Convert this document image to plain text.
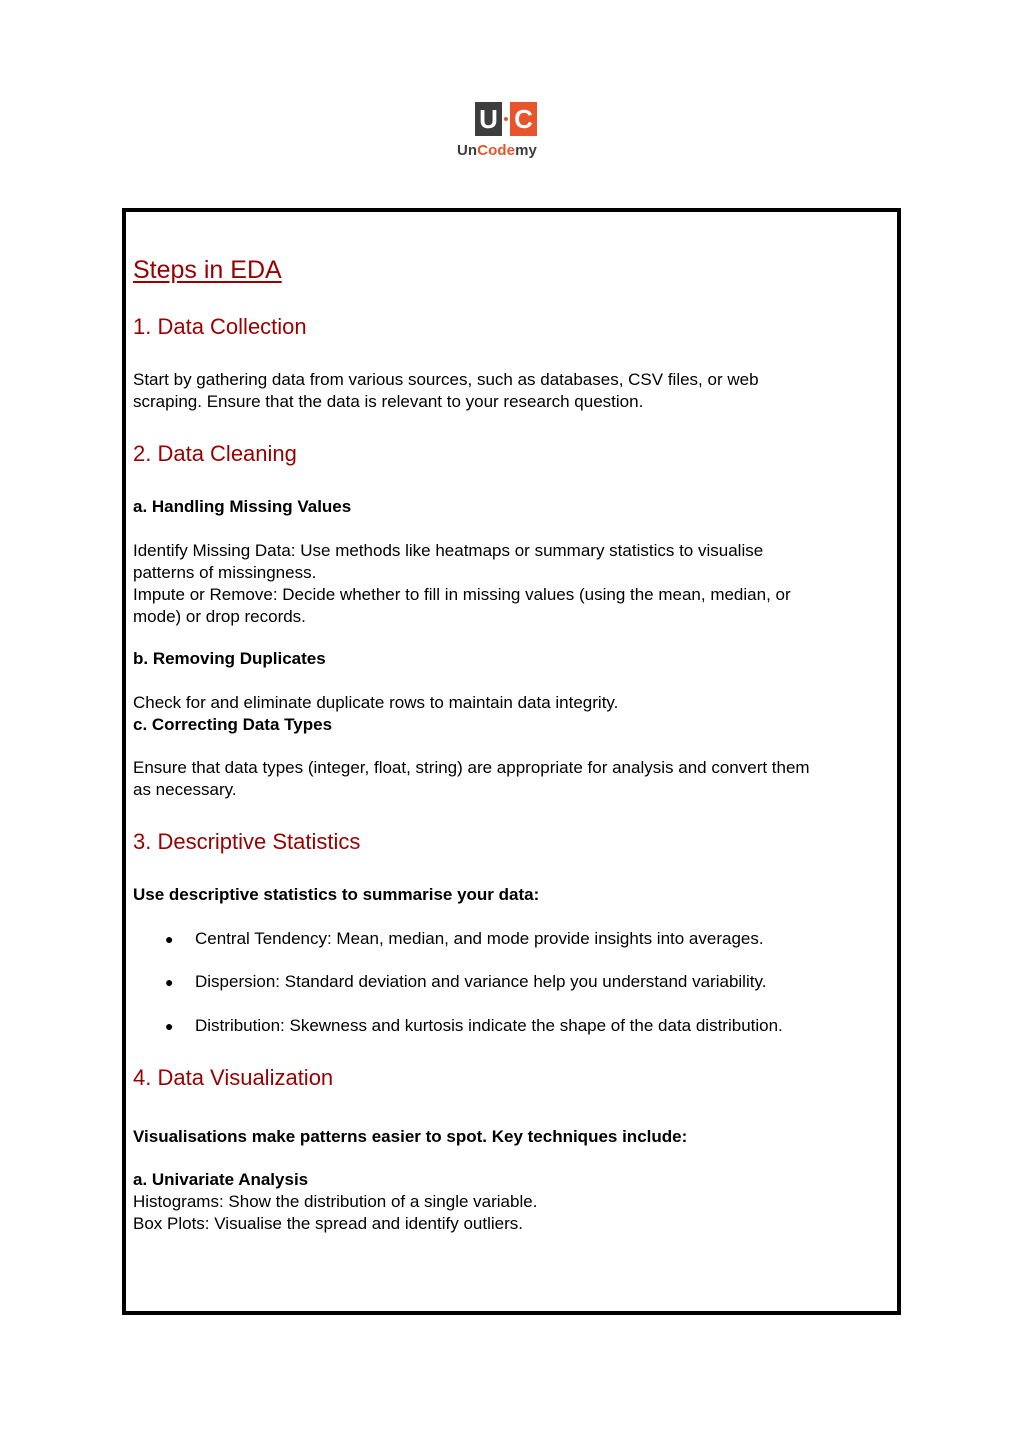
U C
UnCodemy
Steps in EDA
1. Data Collection
Start by gathering data from various sources, such as databases, CSV files, or web
scraping. Ensure that the data is relevant to your research question.
2. Data Cleaning
a. Handling Missing Values
Identify Missing Data: Use methods like heatmaps or summary statistics to visualise
patterns of missingness.
Impute or Remove: Decide whether to fill in missing values (using the mean, median, or
mode) or drop records.
b. Removing Duplicates
Check for and eliminate duplicate rows to maintain data integrity.
c. Correcting Data Types
Ensure that data types (integer, float, string) are appropriate for analysis and convert them
as necessary.
3. Descriptive Statistics
Use descriptive statistics to summarise your data:
● Central Tendency: Mean, median, and mode provide insights into averages.
● Dispersion: Standard deviation and variance help you understand variability.
● Distribution: Skewness and kurtosis indicate the shape of the data distribution.
4. Data Visualization
Visualisations make patterns easier to spot. Key techniques include:
a. Univariate Analysis
Histograms: Show the distribution of a single variable.
Box Plots: Visualise the spread and identify outliers.
